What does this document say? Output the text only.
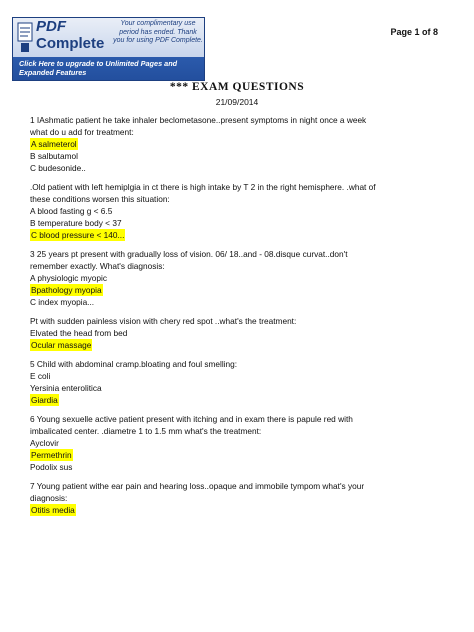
PDF
Complete
Your complimentary use period has ended. Thank you for using PDF Complete.
Click Here to upgrade to Unlimited Pages and Expanded Features
Page 1 of 8
*** EXAM QUESTIONS
21/09/2014
1 IAshmatic patient he take inhaler beclometasone..present symptoms in night once a week
what do u add for treatment:
A salmeterol
B salbutamol
C budesonide..
.Old patient with left hemiplgia in ct there is high intake by T 2 in the right hemisphere. .what of
these conditions worsen this situation:
A blood fasting g < 6.5
B temperature body < 37
C blood pressure < 140...
3 25 years pt present with gradually loss of vision. 06/ 18..and - 08.disque curvat..don't
remember exactly. What's diagnosis:
A physiologic myopic
Bpathology myopia
C index myopia...
Pt with sudden painless vision with chery red spot ..what's the treatment:
Elvated the head from bed
Ocular massage
5 Child with abdominal cramp.bloating and foul smelling:
E coli
Yersinia enterolitica
Giardia
6 Young sexuelle active patient present with itching and in exam there is papule red with
imbalicated center. .diametre 1 to 1.5 mm what's the treatment:
Ayclovir
Permethrin
Podolix sus
7 Young patient withe ear pain and hearing loss..opaque and immobile tympom what's your
diagnosis:
Otitis media
